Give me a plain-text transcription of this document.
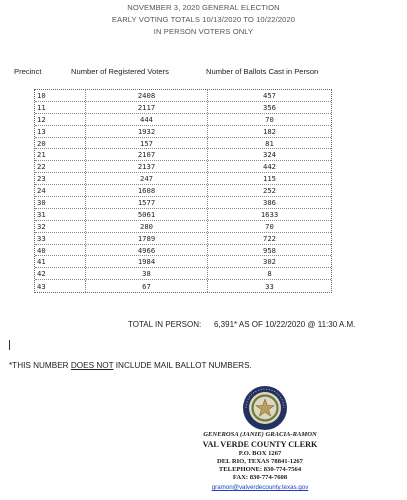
NOVEMBER 3, 2020 GENERAL ELECTION
EARLY VOTING TOTALS 10/13/2020 TO 10/22/2020
IN PERSON VOTERS ONLY
Precinct	Number of Registered Voters	Number of Ballots Cast in Person
10	2408	457
11	2117	356
12	444	70
13	1932	182
20	157	81
21	2107	324
22	2137	442
23	247	115
24	1608	252
30	1577	386
31	5061	1633
32	280	70
33	1789	722
40	4966	958
41	1984	302
42	38	8
43	67	33
TOTAL IN PERSON: 6,391* AS OF 10/22/2020 @ 11:30 A.M.
*THIS NUMBER DOES NOT INCLUDE MAIL BALLOT NUMBERS.
GENEROSA (JANIE) GRACIA-RAMON
VAL VERDE COUNTY CLERK
P.O. BOX 1267
DEL RIO, TEXAS 78841-1267
TELEPHONE: 830-774-7564
FAX: 830-774-7608
gramon@valverdecounty.texas.gov
